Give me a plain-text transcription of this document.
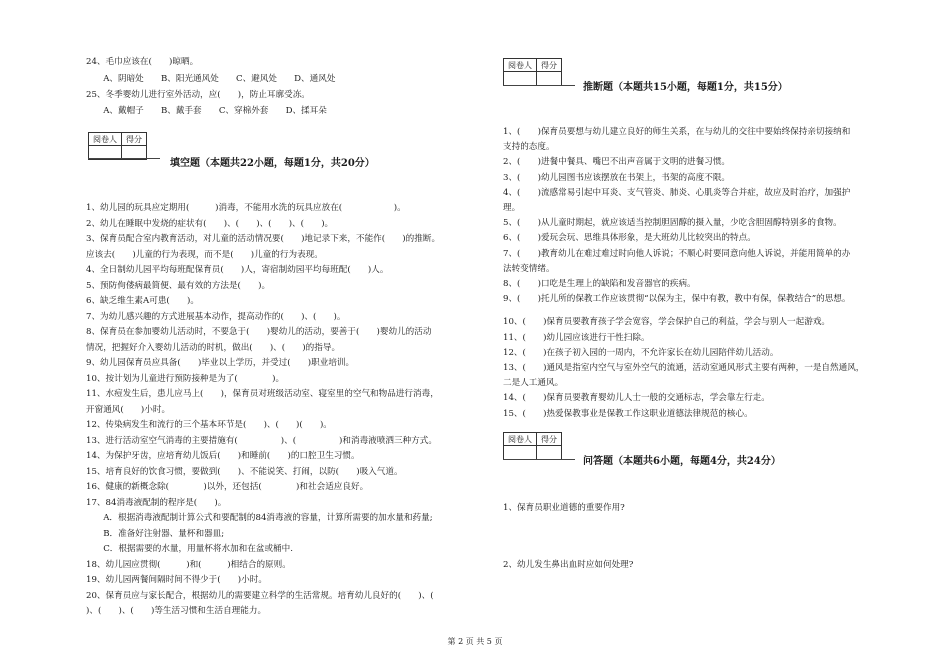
24、毛巾应该在(　　)晾晒。
　　A、阴暗处　　B、阳光通风处　　C、避风处　　D、通风处
25、冬季婴幼儿进行室外活动，应(　　)，防止耳廓受冻。
　　A、戴帽子　　B、戴手套　　C、穿棉外套　　D、揉耳朵
阅卷人	得分

填空题（本题共22小题，每题1分，共20分）
1、幼儿园的玩具应定期用(　　　)消毒，不能用水洗的玩具应放在(　　　　　　)。
2、幼儿在睡眠中发烧的症状有(　　)、(　　)、(　　)、(　　)。
3、保育员配合室内教育活动，对儿童的活动情况要(　　)地记录下来，不能作(　　)的推断。
应该去(　　)儿童的行为表现，而不是(　　)儿童的行为表现。
4、全日制幼儿园平均每班配保育员(　　)人，寄宿制幼园平均每班配(　　)人。
5、预防佝偻病最简便、最有效的方法是(　　)。
6、缺乏维生素A可患(　　)。
7、为幼儿感兴趣的方式进展基本动作，提高动作的(　　)、(　　)。
8、保育员在参加婴幼儿活动时，不要急于(　　)婴幼儿的活动，要善于(　　)婴幼儿的活动
情况，把握好介入婴幼儿活动的时机，做出(　　)、(　　)的指导。
9、幼儿园保育员应具备(　　)毕业以上学历，并受过(　　)职业培训。
10、按计划为儿童进行预防接种是为了(　　　　)。
11、水痘发生后，患儿应马上(　　)，保育员对班级活动室、寝室里的空气和物品进行消毒，
开窗通风(　　)小时。
12、传染病发生和流行的三个基本环节是(　　)、(　　)(　　)。
13、进行活动室空气消毒的主要措施有(　　　　　)、(　　　　　)和消毒液喷洒三种方式。
14、为保护牙齿，应培育幼儿饭后(　　)和睡前(　　)的口腔卫生习惯。
15、培育良好的饮食习惯，要做到(　　)、不能说笑、打闹，以防(　　)吸入气道。
16、健康的新概念除(　　　　)以外，还包括(　　　　)和社会适应良好。
17、84消毒液配制的程序是(　　)。
　　A．根据消毒液配制计算公式和要配制的84消毒液的容量，计算所需要的加水量和药量;
　　B．准备好注射器、量杯和器皿;
　　C．根据需要的水量，用量杯将水加和在盆或桶中.
18、幼儿园应贯彻(　　　)和(　　　)相结合的原则。
19、幼儿园两餐间隔时间不得少于(　　)小时。
20、保育员应与家长配合，根据幼儿的需要建立科学的生活常规。培育幼儿良好的(　　)、(　　
)、(　　)、(　　)等生活习惯和生活自理能力。
阅卷人	得分

推断题（本题共15小题，每题1分，共15分）
1、(　　)保育员要想与幼儿建立良好的师生关系，在与幼儿的交往中要始终保持亲切接纳和
支持的态度。
2、(　　)进餐中餐具、嘴巴不出声音属于文明的进餐习惯。
3、(　　)幼儿园图书应该摆放在书架上，书架的高度不限。
4、(　　)流感常易引起中耳炎、支气管炎、肺炎、心肌炎等合并症，故应及时治疗，加强护
理。
5、(　　)从儿童时期起，就应该适当控制胆固醇的摄入量，少吃含胆固醇特别多的食物。
6、(　　)爱玩会玩、思维具体形象，是大班幼儿比较突出的特点。
7、(　　)教育幼儿在难过难过时向他人诉说；不顺心时要同意向他人诉说，并能用简单的办
法转变情绪。
8、(　　)口吃是生理上的缺陷和发音器官的疾病。
9、(　　)托儿所的保教工作应该贯彻“以保为主，保中有教，教中有保，保教结合”的思想。
10、(　　)保育员要教育孩子学会宽容，学会保护自己的利益，学会与别人一起游戏。
11、(　　)幼儿园应该进行干性扫除。
12、(　　)在孩子初入园的一周内，不允许家长在幼儿园陪伴幼儿活动。
13、(　　)通风是指室内空气与室外空气的流通，活动室通风形式主要有两种，一是自然通风，
二是人工通风。
14、(　　)保育员要教育婴幼儿人士一般的交通标志，学会靠左行走。
15、(　　)热爱保教事业是保教工作这职业道德法律规范的核心。
阅卷人	得分

问答题（本题共6小题，每题4分，共24分）
1、保育员职业道德的重要作用?
2、幼儿发生鼻出血时应如何处理?
第 2 页 共 5 页
